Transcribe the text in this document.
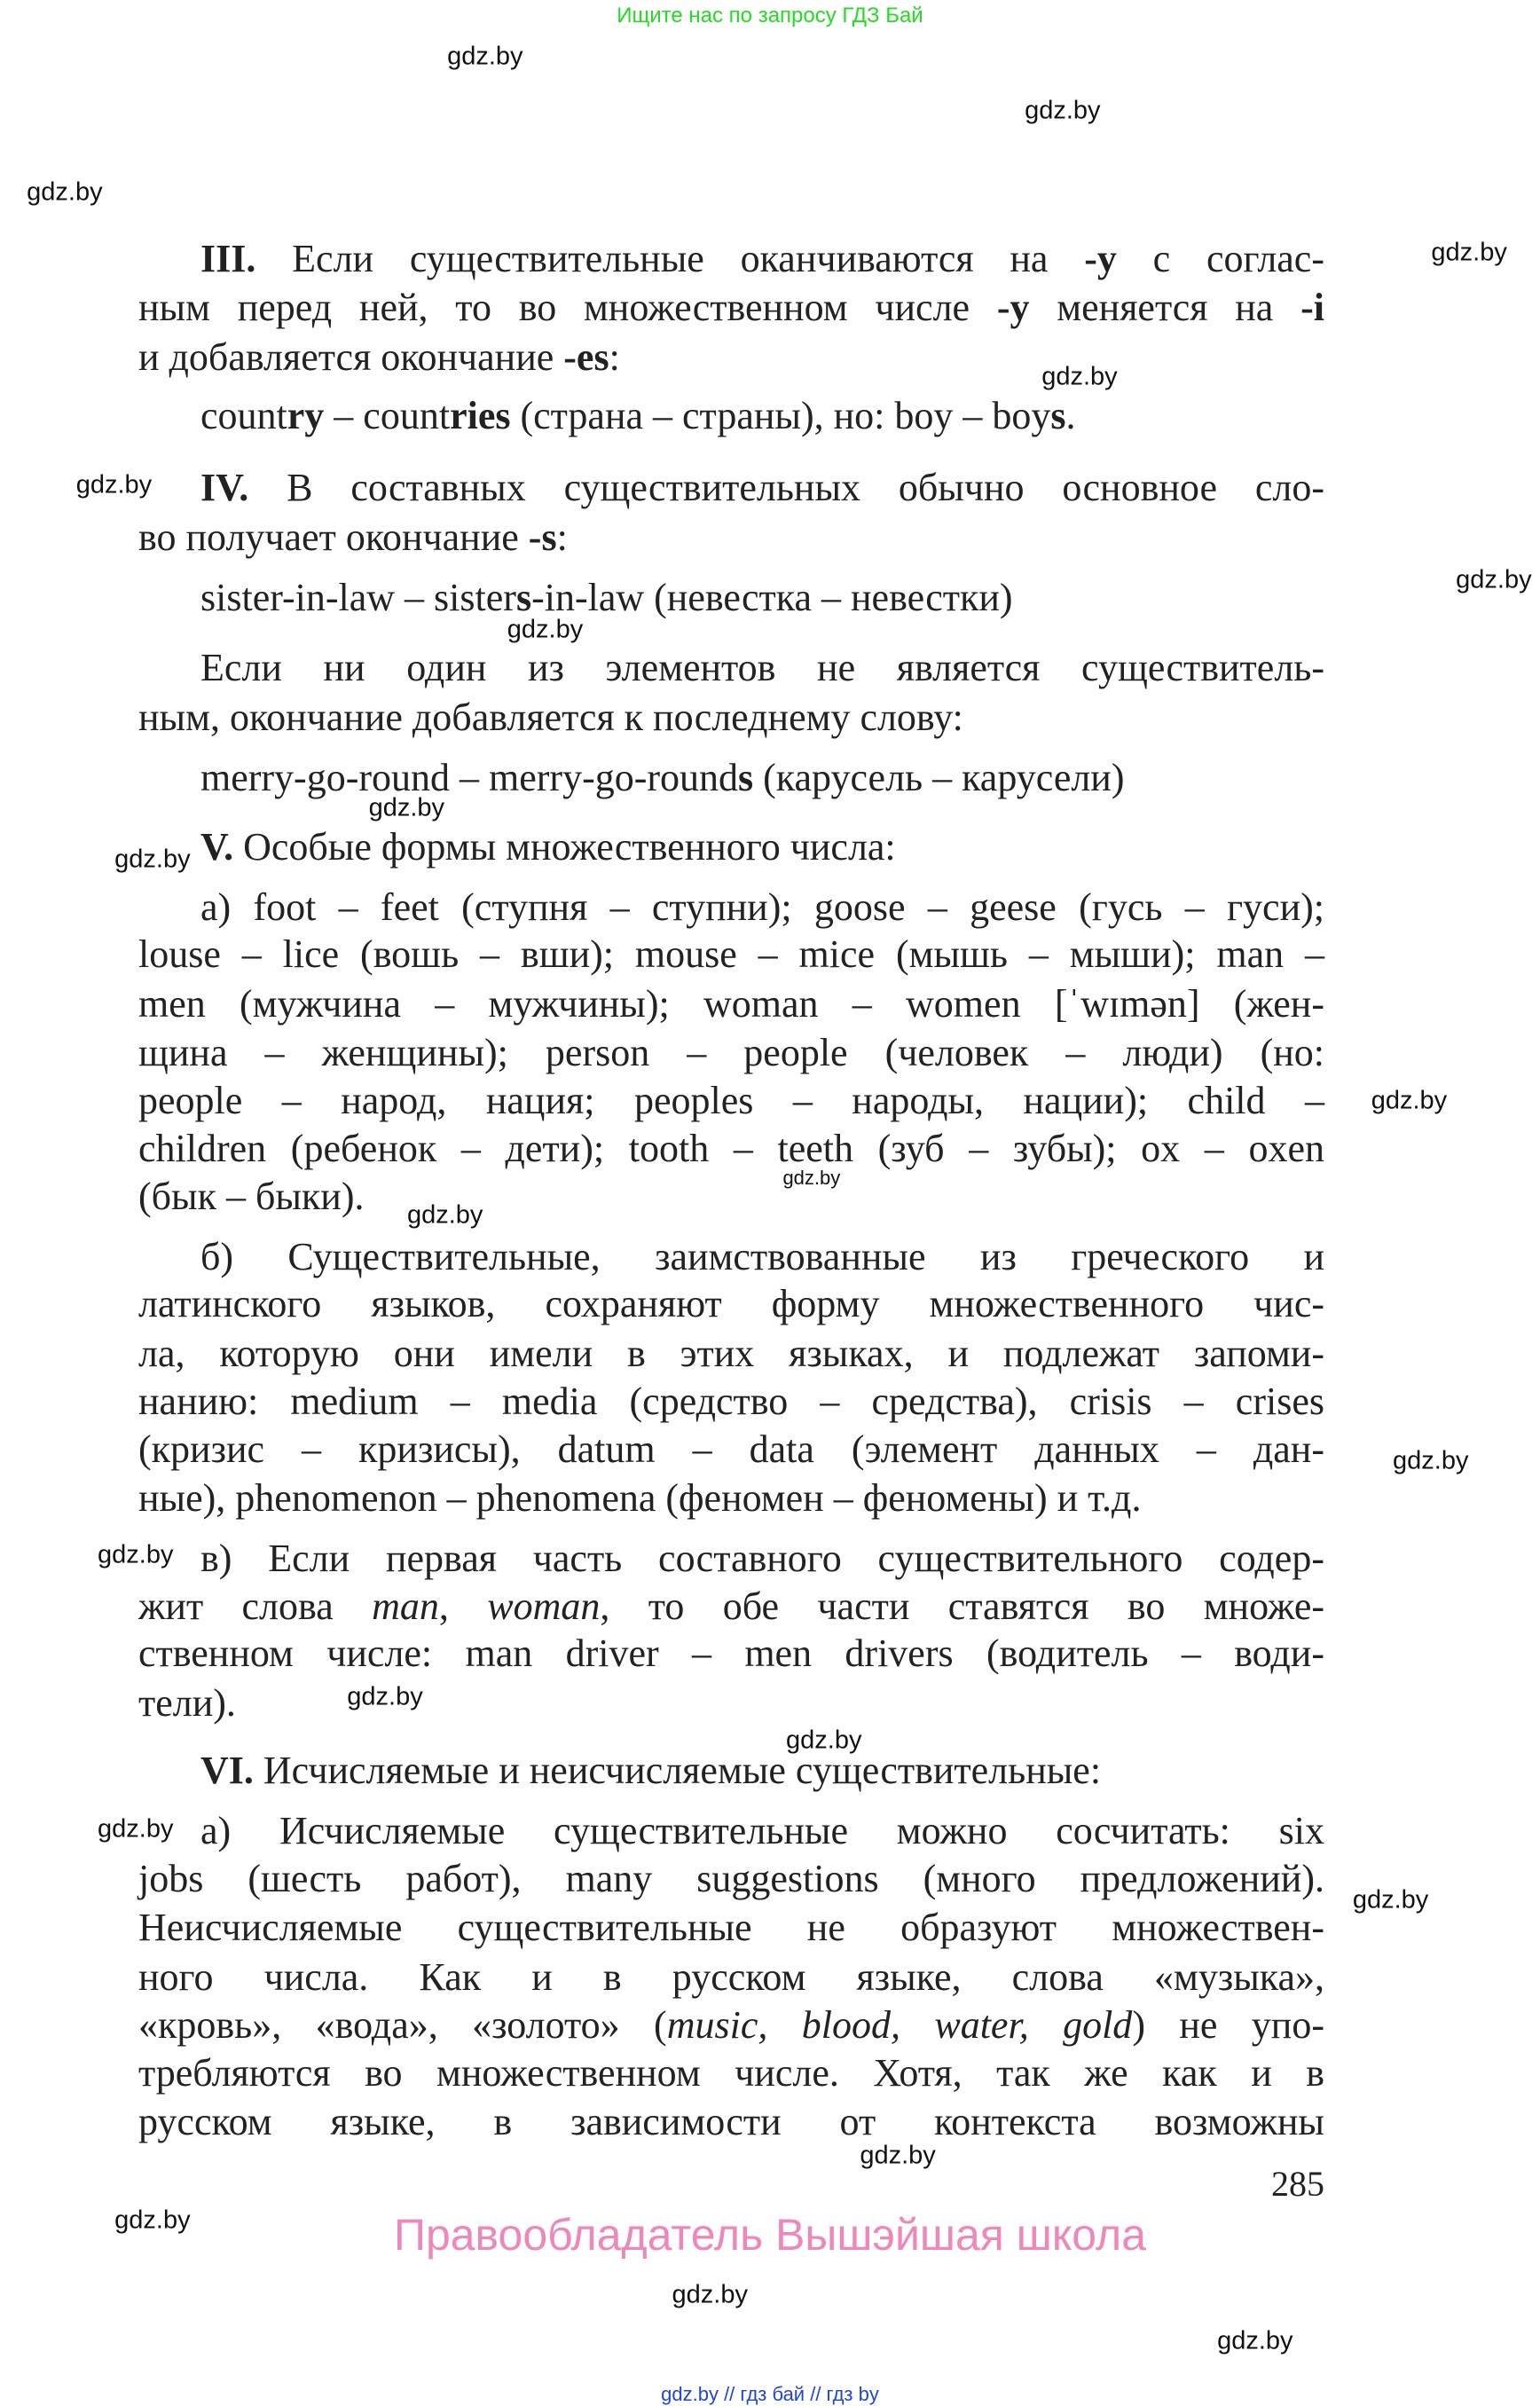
Ищите нас по запросу ГДЗ Бай
III. Если существительные оканчиваются на -y с соглас-
ным перед ней, то во множественном числе -y меняется на -i
и добавляется окончание -es:
country – countries (страна – страны), но: boy – boys.
IV. В составных существительных обычно основное сло-
во получает окончание -s:
sister-in-law – sisters-in-law (невестка – невестки)
Если ни один из элементов не является существитель-
ным, окончание добавляется к последнему слову:
merry-go-round – merry-go-rounds (карусель – карусели)
V. Особые формы множественного числа:
а) foot – feet (ступня – ступни); goose – geese (гусь – гуси);
louse – lice (вошь – вши); mouse – mice (мышь – мыши); man –
men (мужчина – мужчины); woman – women [ˈwɪmən] (жен-
щина – женщины); person – people (человек – люди) (но:
people – народ, нация; peoples – народы, нации); child –
children (ребенок – дети); tooth – teeth (зуб – зубы); ox – oxen
(бык – быки).
б) Существительные, заимствованные из греческого и
латинского языков, сохраняют форму множественного чис-
ла, которую они имели в этих языках, и подлежат запоми-
нанию: medium – media (средство – средства), crisis – crises
(кризис – кризисы), datum – data (элемент данных – дан-
ные), phenomenon – phenomena (феномен – феномены) и т.д.
в) Если первая часть составного существительного содер-
жит слова man, woman, то обе части ставятся во множе-
ственном числе: man driver – men drivers (водитель – води-
тели).
VI. Исчисляемые и неисчисляемые существительные:
а) Исчисляемые существительные можно сосчитать: six
jobs (шесть работ), many suggestions (много предложений).
Неисчисляемые существительные не образуют множествен-
ного числа. Как и в русском языке, слова «музыка»,
«кровь», «вода», «золото» (music, blood, water, gold) не упо-
требляются во множественном числе. Хотя, так же как и в
русском языке, в зависимости от контекста возможны
gdz.by
gdz.by
gdz.by
gdz.by
gdz.by
gdz.by
gdz.by
gdz.by
gdz.by
gdz.by
gdz.by
gdz.by
gdz.by
gdz.by
gdz.by
gdz.by
gdz.by
gdz.by
gdz.by
gdz.by
gdz.by
gdz.by
gdz.by
285
Правообладатель Вышэйшая школа
gdz.by // гдз бай // гдз by
